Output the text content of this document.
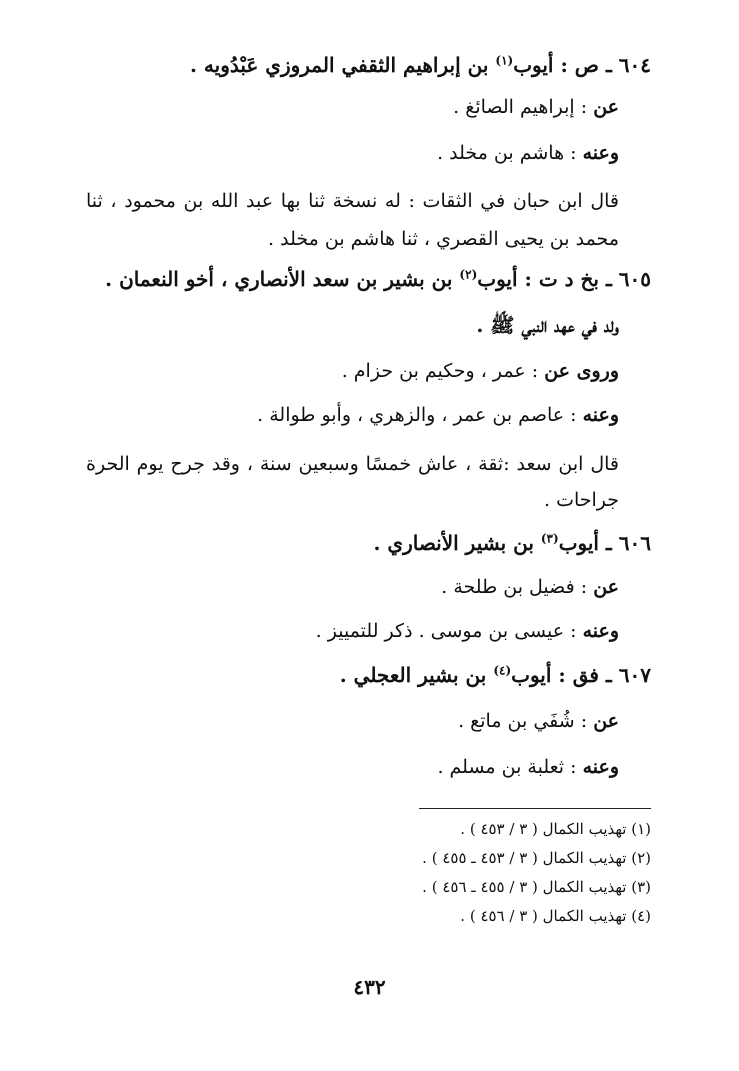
٦٠٤ ـ ص : أيوب$^{(١)}$ بن إبراهيم الثقفي المروزي عَبْدُويه .
عن : إبراهيم الصائغ .
وعنه : هاشم بن مخلد .
قال ابن حبان في الثقات : له نسخة ثنا بها عبد الله بن محمود ، ثنا محمد بن يحيى القصري ، ثنا هاشم بن مخلد .
٦٠٥ ـ بخ د ت : أيوب$^{(٢)}$ بن بشير بن سعد الأنصاري ، أخو النعمان .
ولد في عهد النبي ﷺ .
وروى عن : عمر ، وحكيم بن حزام .
وعنه : عاصم بن عمر ، والزهري ، وأبو طوالة .
قال ابن سعد :ثقة ، عاش خمسًا وسبعين سنة ، وقد جرح يوم الحرة جراحات .
٦٠٦ ـ أيوب$^{(٣)}$ بن بشير الأنصاري .
عن : فضيل بن طلحة .
وعنه : عيسى بن موسى . ذكر للتمييز .
٦٠٧ ـ فق : أيوب$^{(٤)}$ بن بشير العجلي .
عن : شُفَي بن ماتع .
وعنه : ثعلبة بن مسلم .
(١) تهذيب الكمال ( ٣ / ٤٥٣ ) .
(٢) تهذيب الكمال ( ٣ / ٤٥٣ ـ ٤٥٥ ) .
(٣) تهذيب الكمال ( ٣ / ٤٥٥ ـ ٤٥٦ ) .
(٤) تهذيب الكمال ( ٣ / ٤٥٦ ) .
٤٣٢
